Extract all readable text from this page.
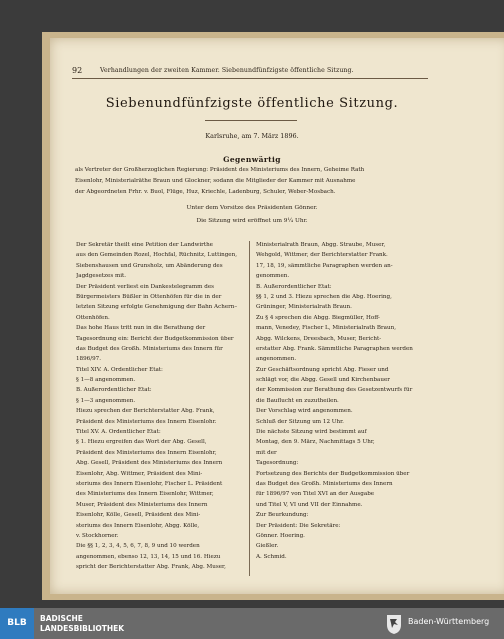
92	Verhandlungen der zweiten Kammer. Siebenundfünfzigste öffentliche Sitzung.
Siebenundfünfzigste öffentliche Sitzung.
Karlsruhe, am 7. März 1896.
Gegenwärtig
als Vertreter der Großherzoglichen Regierung: Präsident des Ministeriums des Innern, Geheime Rath
Eisenlohr, Ministerialräthe Braun und Glockner, sodann die Mitglieder der Kammer mit Ausnahme
der Abgeordneten Frhr. v. Buol, Flüge, Huz, Kriechle, Ladenburg, Schuler, Weber-Mosbach.
Unter dem Vorsitze des Präsidenten Gönner.
Die Sitzung wird eröffnet um 9¼ Uhr.
Der Sekretär theilt eine Petition der Landwirthe
aus den Gemeinden Rozel, Hochfal, Rüchnitz, Luttingen,
Siebenshausen und Grunsholz, um Abänderung des
Jagdgesetzes mit.
Der Präsident verliest ein Dankestelegramm des
Bürgermeisters Büßler in Ottenhöfen für die in der
letzten Sitzung erfolgte Genehmigung der Bahn Achern–
Ottenhöfen.
Das hohe Haus tritt nun in die Berathung der
Tagesordnung ein: Bericht der Budgetkommission über
das Budget des Großh. Ministeriums des Innern für
1896/97.
Titel XIV. A. Ordentlicher Etat:
§ 1—8 angenommen.
B. Außerordentlicher Etat:
§ 1—3 angenommen.
Hiezu sprechen der Berichterstatter Abg. Frank,
Präsident des Ministeriums des Innern Eisenlohr.
Titel XV. A. Ordentlicher Etat:
§ 1. Hiezu ergreifen das Wort der Abg. Gesell,
Präsident des Ministeriums des Innern Eisenlohr,
Abg. Gesell, Präsident des Ministeriums des Innern
Eisenlohr, Abg. Wittmer, Präsident des Mini-
steriums des Innern Eisenlohr, Fischer L. Präsident
des Ministeriums des Innern Eisenlohr, Wittmer,
Muser, Präsident des Ministeriums des Innern
Eisenlohr, Kölle, Gesell, Präsident des Mini-
steriums des Innern Eisenlohr, Abgg. Kölle,
v. Stockhorner.
Die §§ 1, 2, 3, 4, 5, 6, 7, 8, 9 und 10 werden
angenommen, ebenso 12, 13, 14, 15 und 16. Hiezu
spricht der Berichterstatter Abg. Frank, Abg. Muser,
Ministerialrath Braun, Abgg. Straube, Muser,
Wehgold, Wittmer, der Berichterstatter Frank.
17, 18, 19, sämmtliche Paragraphen werden an-
genommen.
B. Außerordentlicher Etat:
§§ 1, 2 und 3. Hiezu sprechen die Abg. Hoering,
Grüninger, Ministerialrath Braun.
Zu § 4 sprechen die Abgg. Biegmüller, Hoff-
mann, Venedey, Fischer L, Ministerialrath Braun,
Abgg. Wilckens, Dreesbach, Muser, Bericht-
erstatter Abg. Frank. Sämmtliche Paragraphen werden
angenommen.
Zur Geschäftsordnung spricht Abg. Fieser und
schlägt vor, die Abgg. Gesell und Kirchenbauer
der Kommission zur Berathung des Gesetzentwurfs für
die Bauflucht en zuzutheilen.
Der Vorschlag wird angenommen.
Schluß der Sitzung um 12 Uhr.
Die nächste Sitzung wird bestimmt auf
Montag, den 9. März, Nachmittags 5 Uhr,
mit der
Tagesordnung:
Fortsetzung des Berichts der Budgetkommission über
das Budget des Großh. Ministeriums des Innern
für 1896/97 von Titel XVI an der Ausgabe
und Titel V, VI und VII der Einnahme.
Zur Beurkundung:
Der Präsident: Die Sekretäre:
Gönner. Hoering.
Gießler.
A. Schmid.
BLB	BADISCHE
LANDESBIBLIOTHEK
Baden-Württemberg
